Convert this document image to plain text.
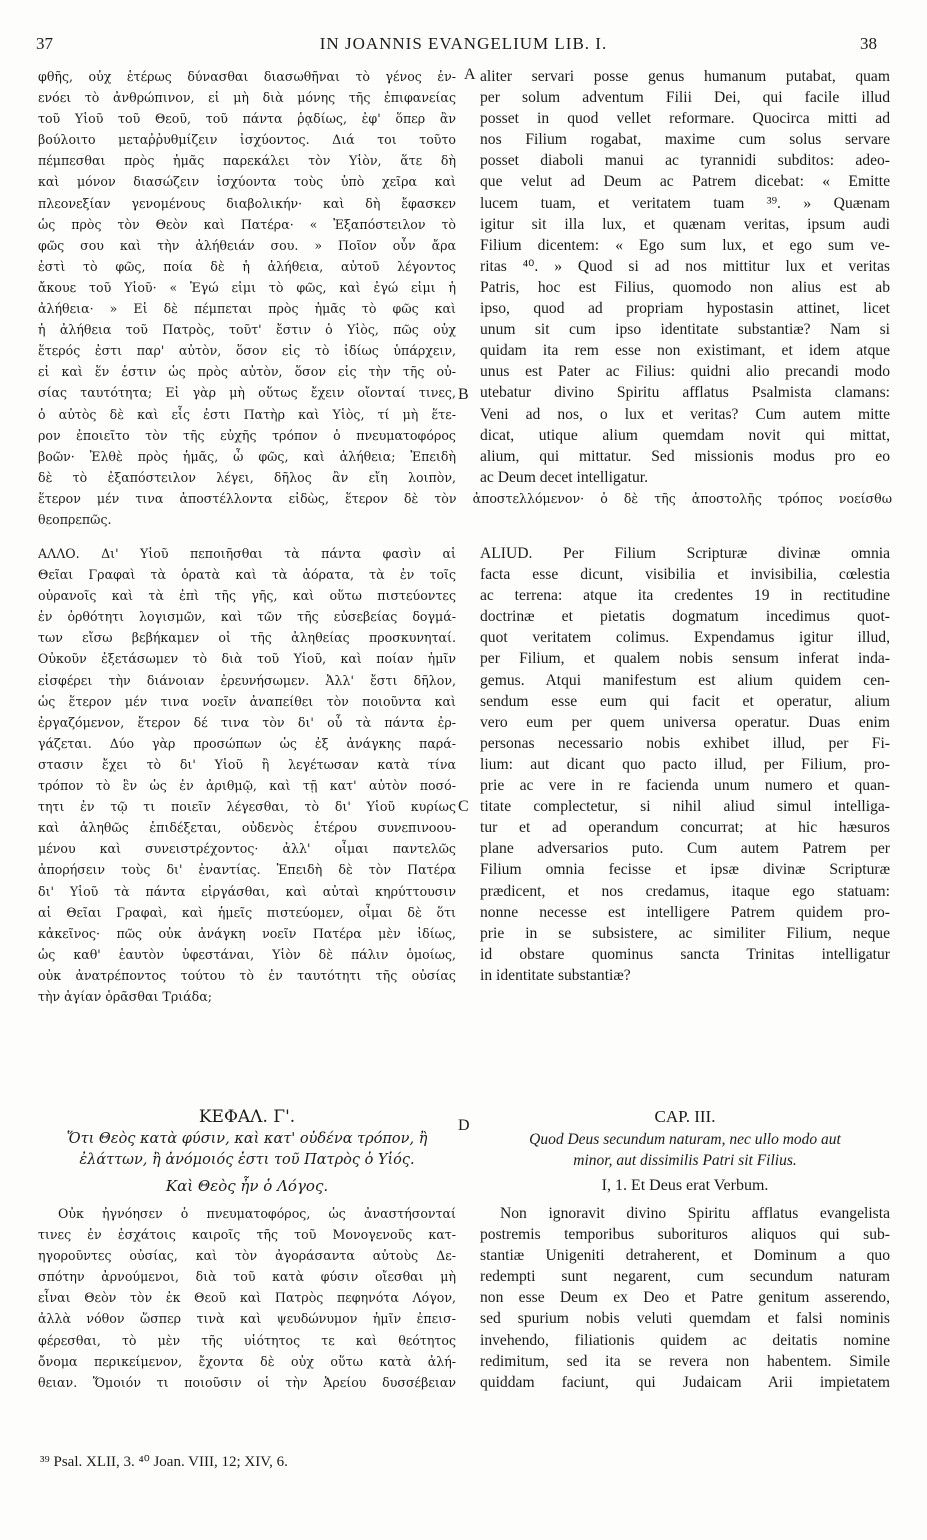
37	IN JOANNIS EVANGELIUM LIB. I.	38
φθῆς, οὐχ ἑτέρως δύνασθαι διασωθῆναι τὸ γένος ἐν-
ενόει τὸ ἀνθρώπινον, εἰ μὴ διὰ μόνης τῆς ἐπιφανείας
τοῦ Υἱοῦ τοῦ Θεοῦ, τοῦ πάντα ῥᾳδίως, ἐφ' ὅπερ ἂν
βούλοιτο μεταῤῥυθμίζειν ἰσχύοντος. Διά τοι τοῦτο
πέμπεσθαι πρὸς ἡμᾶς παρεκάλει τὸν Υἱὸν, ἅτε δὴ
καὶ μόνον διασώζειν ἰσχύοντα τοὺς ὑπὸ χεῖρα καὶ
πλεονεξίαν γενομένους διαβολικήν· καὶ δὴ ἔφασκεν
ὡς πρὸς τὸν Θεὸν καὶ Πατέρα· « Ἐξαπόστειλον τὸ
φῶς σου καὶ τὴν ἀλήθειάν σου. » Ποῖον οὖν ἄρα
ἐστὶ τὸ φῶς, ποία δὲ ἡ ἀλήθεια, αὐτοῦ λέγοντος
ἄκουε τοῦ Υἱοῦ· « Ἐγώ εἰμι τὸ φῶς, καὶ ἐγώ εἰμι ἡ
ἀλήθεια· » Εἰ δὲ πέμπεται πρὸς ἡμᾶς τὸ φῶς καὶ
ἡ ἀλήθεια τοῦ Πατρὸς, τοῦτ' ἔστιν ὁ Υἱὸς, πῶς οὐχ
ἕτερός ἐστι παρ' αὐτὸν, ὅσον εἰς τὸ ἰδίως ὑπάρχειν,
εἰ καὶ ἕν ἐστιν ὡς πρὸς αὐτὸν, ὅσον εἰς τὴν τῆς οὐ-
σίας ταυτότητα; Εἰ γὰρ μὴ οὕτως ἔχειν οἴονταί τινες,
ὁ αὐτὸς δὲ καὶ εἷς ἐστι Πατὴρ καὶ Υἱὸς, τί μὴ ἕτε-
ρον ἐποιεῖτο τὸν τῆς εὐχῆς τρόπον ὁ πνευματοφόρος
βοῶν· Ἐλθὲ πρὸς ἡμᾶς, ὦ φῶς, καὶ ἀλήθεια; Ἐπειδὴ
δὲ τὸ ἐξαπόστειλον λέγει, δῆλος ἂν εἴη λοιπὸν,
aliter servari posse genus humanum putabat, quam
per solum adventum Filii Dei, qui facile illud
posset in quod vellet reformare. Quocirca mitti ad
nos Filium rogabat, maxime cum solus servare
posset diaboli manui ac tyrannidi subditos: adeo-
que velut ad Deum ac Patrem dicebat: « Emitte
lucem tuam, et veritatem tuam ³⁹. » Quænam
igitur sit illa lux, et quænam veritas, ipsum audi
Filium dicentem: « Ego sum lux, et ego sum ve-
ritas ⁴⁰. » Quod si ad nos mittitur lux et veritas
Patris, hoc est Filius, quomodo non alius est ab
ipso, quod ad propriam hypostasin attinet, licet
unum sit cum ipso identitate substantiæ? Nam si
quidam ita rem esse non existimant, et idem atque
unus est Pater ac Filius: quidni alio precandi modo
utebatur divino Spiritu afflatus Psalmista clamans:
Veni ad nos, o lux et veritas? Cum autem mitte
dicat, utique alium quemdam novit qui mittat,
alium, qui mittatur. Sed missionis modus pro eo
ac Deum decet intelligatur.
ἕτερον μέν τινα ἀποστέλλοντα εἰδὼς, ἕτερον δὲ τὸν ἀποστελλόμενον· ὁ δὲ τῆς ἀποστολῆς τρόπος νοείσθω
θεοπρεπῶς.
ΑΛΛΟ. Δι' Υἱοῦ πεποιῆσθαι τὰ πάντα φασὶν αἱ
Θεῖαι Γραφαὶ τὰ ὁρατὰ καὶ τὰ ἀόρατα, τὰ ἐν τοῖς
οὐρανοῖς καὶ τὰ ἐπὶ τῆς γῆς, καὶ οὕτω πιστεύοντες
ἐν ὀρθότητι λογισμῶν, καὶ τῶν τῆς εὐσεβείας δογμά-
των εἴσω βεβήκαμεν οἱ τῆς ἀληθείας προσκυνηταί.
Οὐκοῦν ἐξετάσωμεν τὸ διὰ τοῦ Υἱοῦ, καὶ ποίαν ἡμῖν
εἰσφέρει τὴν διάνοιαν ἐρευνήσωμεν. Ἀλλ' ἔστι δῆλον,
ὡς ἕτερον μέν τινα νοεῖν ἀναπείθει τὸν ποιοῦντα καὶ
ἐργαζόμενον, ἕτερον δέ τινα τὸν δι' οὗ τὰ πάντα ἐρ-
γάζεται. Δύο γὰρ προσώπων ὡς ἐξ ἀνάγκης παρά-
στασιν ἔχει τὸ δι' Υἱοῦ ἢ λεγέτωσαν κατὰ τίνα
τρόπον τὸ ἓν ὡς ἐν ἀριθμῷ, καὶ τῇ κατ' αὐτὸν ποσό-
τητι ἐν τῷ τι ποιεῖν λέγεσθαι, τὸ δι' Υἱοῦ κυρίως
καὶ ἀληθῶς ἐπιδέξεται, οὐδενὸς ἑτέρου συνεπινοου-
μένου καὶ συνειστρέχοντος· ἀλλ' οἶμαι παντελῶς
ἀπορήσειν τοὺς δι' ἐναντίας. Ἐπειδὴ δὲ τὸν Πατέρα
δι' Υἱοῦ τὰ πάντα εἰργάσθαι, καὶ αὐταὶ κηρύττουσιν
αἱ Θεῖαι Γραφαὶ, καὶ ἡμεῖς πιστεύομεν, οἶμαι δὲ ὅτι
κἀκεῖνος· πῶς οὐκ ἀνάγκη νοεῖν Πατέρα μὲν ἰδίως,
ὡς καθ' ἑαυτὸν ὑφεστάναι, Υἱὸν δὲ πάλιν ὁμοίως,
οὐκ ἀνατρέποντος τούτου τὸ ἐν ταυτότητι τῆς οὐσίας
τὴν ἁγίαν ὁρᾶσθαι Τριάδα;
ALIUD. Per Filium Scripturæ divinæ omnia
facta esse dicunt, visibilia et invisibilia, cœlestia
ac terrena: atque ita credentes 19 in rectitudine
doctrinæ et pietatis dogmatum incedimus quot-
quot veritatem colimus. Expendamus igitur illud,
per Filium, et qualem nobis sensum inferat inda-
gemus. Atqui manifestum est alium quidem cen-
sendum esse eum qui facit et operatur, alium
vero eum per quem universa operatur. Duas enim
personas necessario nobis exhibet illud, per Fi-
lium: aut dicant quo pacto illud, per Filium, pro-
prie ac vere in re facienda unum numero et quan-
titate complectetur, si nihil aliud simul intelliga-
tur et ad operandum concurrat; at hic hæsuros
plane adversarios puto. Cum autem Patrem per
Filium omnia fecisse et ipsæ divinæ Scripturæ
prædicent, et nos credamus, itaque ego statuam:
nonne necesse est intelligere Patrem quidem pro-
prie in se subsistere, ac similiter Filium, neque
id obstare quominus sancta Trinitas intelligatur
in identitate substantiæ?
A
B
C
D
ΚΕΦΑΛ. Γ'.
Ὅτι Θεὸς κατὰ φύσιν, καὶ κατ' οὐδένα τρόπον, ἢ
ἐλάττων, ἢ ἀνόμοιός ἐστι τοῦ Πατρὸς ὁ Υἱός.
Καὶ Θεὸς ἦν ὁ Λόγος.
CAP. III.
Quod Deus secundum naturam, nec ullo modo aut
minor, aut dissimilis Patri sit Filius.
I, 1. Et Deus erat Verbum.
Οὐκ ἠγνόησεν ὁ πνευματοφόρος, ὡς ἀναστήσονταί
τινες ἐν ἐσχάτοις καιροῖς τῆς τοῦ Μονογενοῦς κατ-
ηγοροῦντες οὐσίας, καὶ τὸν ἀγοράσαντα αὐτοὺς Δε-
σπότην ἀρνούμενοι, διὰ τοῦ κατὰ φύσιν οἴεσθαι μὴ
εἶναι Θεὸν τὸν ἐκ Θεοῦ καὶ Πατρὸς πεφηνότα Λόγον,
ἀλλὰ νόθον ὥσπερ τινὰ καὶ ψευδώνυμον ἡμῖν ἐπεισ-
φέρεσθαι, τὸ μὲν τῆς υἱότητος τε καὶ θεότητος
ὄνομα περικείμενον, ἔχοντα δὲ οὐχ οὕτω κατὰ ἀλή-
θειαν. Ὅμοιόν τι ποιοῦσιν οἱ τὴν Ἀρείου δυσσέβειαν
Non ignoravit divino Spiritu afflatus evangelista
postremis temporibus suborituros aliquos qui sub-
stantiæ Unigeniti detraherent, et Dominum a quo
redempti sunt negarent, cum secundum naturam
non esse Deum ex Deo et Patre genitum asserendo,
sed spurium nobis veluti quemdam et falsi nominis
invehendo, filiationis quidem ac deitatis nomine
redimitum, sed ita se revera non habentem. Simile
quiddam faciunt, qui Judaicam Arii impietatem
³⁹ Psal. XLII, 3. ⁴⁰ Joan. VIII, 12; XIV, 6.
